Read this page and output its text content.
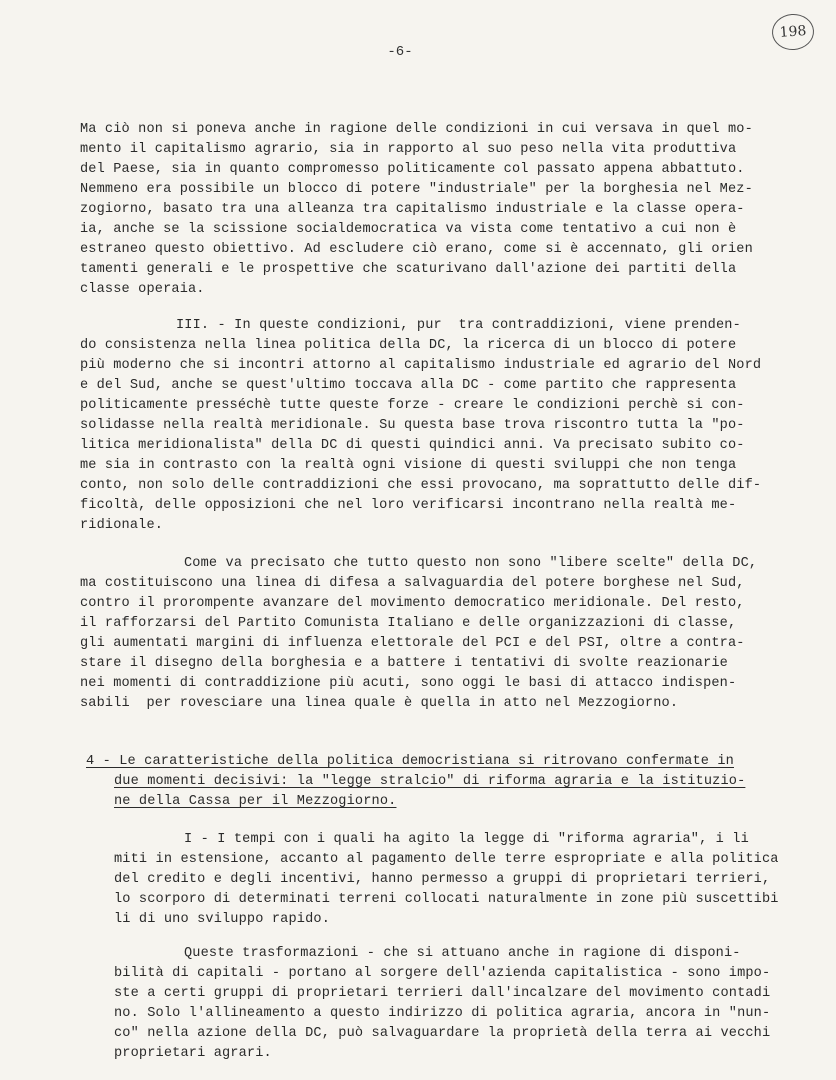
198
-6-
Ma ciò non si poneva anche in ragione delle condizioni in cui versava in quel mo-
mento il capitalismo agrario, sia in rapporto al suo peso nella vita produttiva
del Paese, sia in quanto compromesso politicamente col passato appena abbattuto.
Nemmeno era possibile un blocco di potere "industriale" per la borghesia nel Mez-
zogiorno, basato tra una alleanza tra capitalismo industriale e la classe opera-
ia, anche se la scissione socialdemocratica va vista come tentativo a cui non è
estraneo questo obiettivo. Ad escludere ciò erano, come si è accennato, gli orien
tamenti generali e le prospettive che scaturivano dall'azione dei partiti della
classe operaia.
III. - In queste condizioni, pur  tra contraddizioni, viene prenden-
do consistenza nella linea politica della DC, la ricerca di un blocco di potere
più moderno che si incontri attorno al capitalismo industriale ed agrario del Nord
e del Sud, anche se quest'ultimo toccava alla DC - come partito che rappresenta
politicamente presséchè tutte queste forze - creare le condizioni perchè si con-
solidasse nella realtà meridionale. Su questa base trova riscontro tutta la "po-
litica meridionalista" della DC di questi quindici anni. Va precisato subito co-
me sia in contrasto con la realtà ogni visione di questi sviluppi che non tenga
conto, non solo delle contraddizioni che essi provocano, ma soprattutto delle dif-
ficoltà, delle opposizioni che nel loro verificarsi incontrano nella realtà me-
ridionale.
Come va precisato che tutto questo non sono "libere scelte" della DC,
ma costituiscono una linea di difesa a salvaguardia del potere borghese nel Sud,
contro il prorompente avanzare del movimento democratico meridionale. Del resto,
il rafforzarsi del Partito Comunista Italiano e delle organizzazioni di classe,
gli aumentati margini di influenza elettorale del PCI e del PSI, oltre a contra-
stare il disegno della borghesia e a battere i tentativi di svolte reazionarie
nei momenti di contraddizione più acuti, sono oggi le basi di attacco indispen-
sabili  per rovesciare una linea quale è quella in atto nel Mezzogiorno.
4 - Le caratteristiche della politica democristiana si ritrovano confermate in
due momenti decisivi: la "legge stralcio" di riforma agraria e la istituzio-
ne della Cassa per il Mezzogiorno.
I - I tempi con i quali ha agito la legge di "riforma agraria", i li
miti in estensione, accanto al pagamento delle terre espropriate e alla politica
del credito e degli incentivi, hanno permesso a gruppi di proprietari terrieri,
lo scorporo di determinati terreni collocati naturalmente in zone più suscettibi
li di uno sviluppo rapido.
Queste trasformazioni - che si attuano anche in ragione di disponi-
bilità di capitali - portano al sorgere dell'azienda capitalistica - sono impo-
ste a certi gruppi di proprietari terrieri dall'incalzare del movimento contadi
no. Solo l'allineamento a questo indirizzo di politica agraria, ancora in "nun-
co" nella azione della DC, può salvaguardare la proprietà della terra ai vecchi
proprietari agrari.
